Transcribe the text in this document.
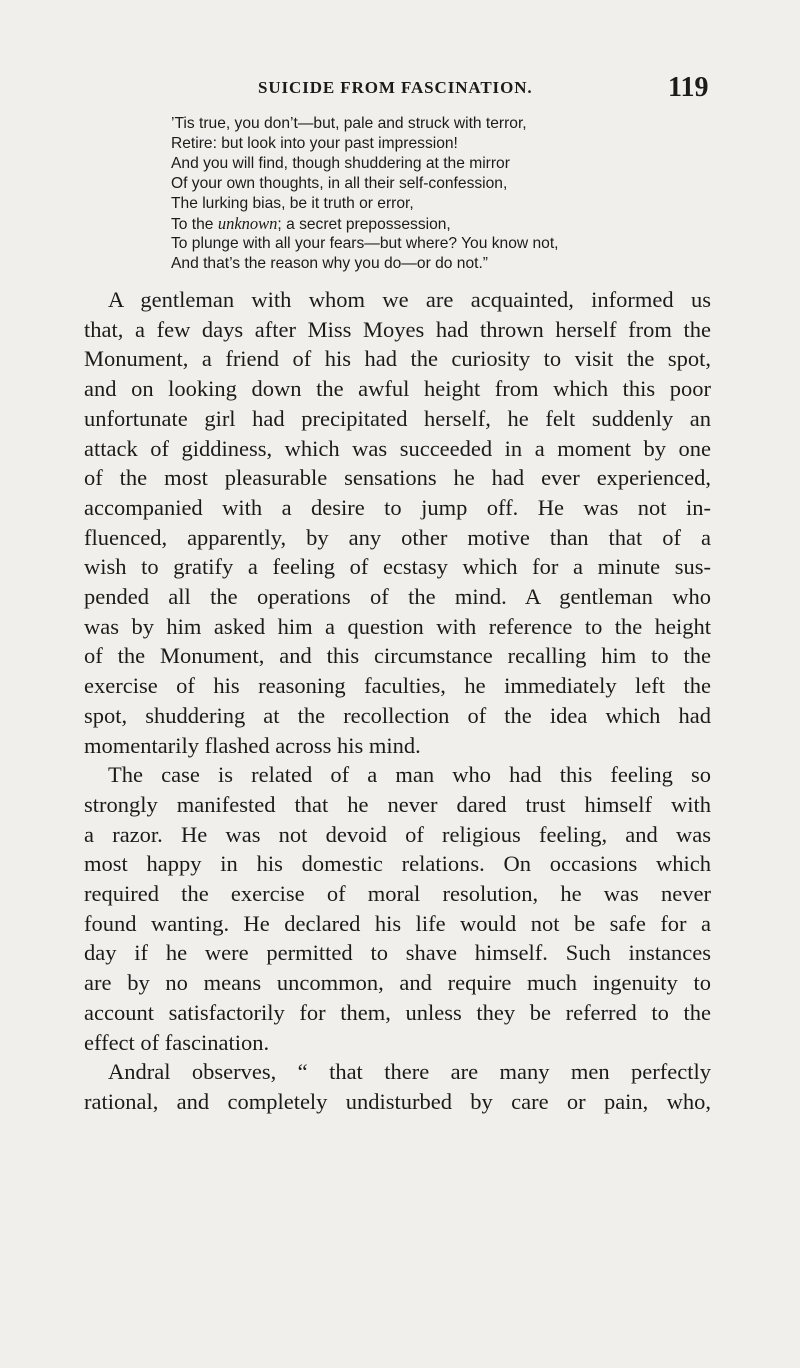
SUICIDE FROM FASCINATION.	119
’Tis true, you don’t—but, pale and struck with terror,
Retire: but look into your past impression!
And you will find, though shuddering at the mirror
Of your own thoughts, in all their self-confession,
The lurking bias, be it truth or error,
To the unknown; a secret prepossession,
To plunge with all your fears—but where? You know not,
And that’s the reason why you do—or do not.”

A gentleman with whom we are acquainted, informed us
that, a few days after Miss Moyes had thrown herself from the
Monument, a friend of his had the curiosity to visit the spot,
and on looking down the awful height from which this poor
unfortunate girl had precipitated herself, he felt suddenly an
attack of giddiness, which was succeeded in a moment by one
of the most pleasurable sensations he had ever experienced,
accompanied with a desire to jump off. He was not in-
fluenced, apparently, by any other motive than that of a
wish to gratify a feeling of ecstasy which for a minute sus-
pended all the operations of the mind. A gentleman who
was by him asked him a question with reference to the height
of the Monument, and this circumstance recalling him to the
exercise of his reasoning faculties, he immediately left the
spot, shuddering at the recollection of the idea which had
momentarily flashed across his mind.

The case is related of a man who had this feeling so
strongly manifested that he never dared trust himself with
a razor. He was not devoid of religious feeling, and was
most happy in his domestic relations. On occasions which
required the exercise of moral resolution, he was never
found wanting. He declared his life would not be safe for a
day if he were permitted to shave himself. Such instances
are by no means uncommon, and require much ingenuity to
account satisfactorily for them, unless they be referred to the
effect of fascination.

Andral observes, “ that there are many men perfectly
rational, and completely undisturbed by care or pain, who,
